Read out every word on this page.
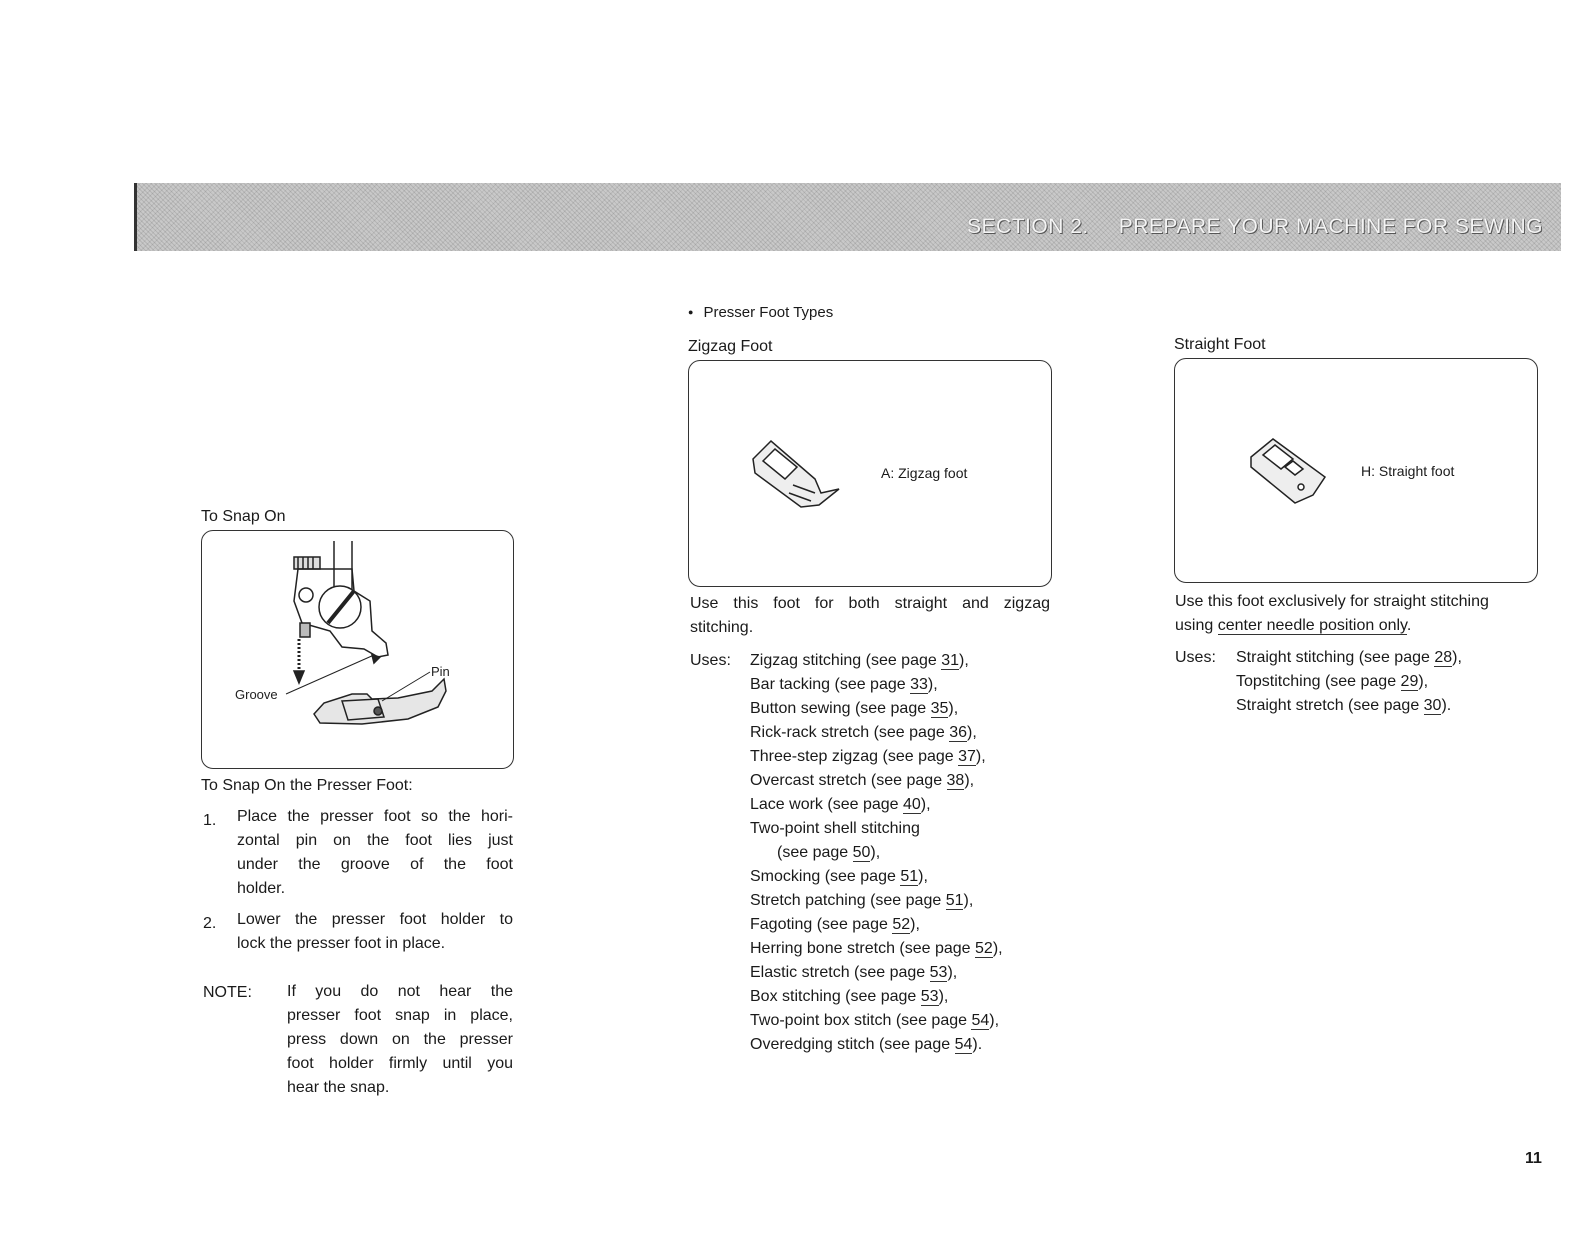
SECTION 2. PREPARE YOUR MACHINE FOR SEWING
To Snap On
Pin
Groove
To Snap On the Presser Foot:
1. Place the presser foot so the hori-
zontal pin on the foot lies just
under the groove of the foot
holder.
2. Lower the presser foot holder to
lock the presser foot in place.
NOTE: If you do not hear the
presser foot snap in place,
press down on the presser
foot holder firmly until you
hear the snap.
● Presser Foot Types
Zigzag Foot
A: Zigzag foot
Use this foot for both straight and zigzag
stitching.
Uses: Zigzag stitching (see page 31),
Bar tacking (see page 33),
Button sewing (see page 35),
Rick-rack stretch (see page 36),
Three-step zigzag (see page 37),
Overcast stretch (see page 38),
Lace work (see page 40),
Two-point shell stitching
(see page 50),
Smocking (see page 51),
Stretch patching (see page 51),
Fagoting (see page 52),
Herring bone stretch (see page 52),
Elastic stretch (see page 53),
Box stitching (see page 53),
Two-point box stitch (see page 54),
Overedging stitch (see page 54).
Straight Foot
H: Straight foot
Use this foot exclusively for straight stitching
using center needle position only.
Uses: Straight stitching (see page 28),
Topstitching (see page 29),
Straight stretch (see page 30).
11
